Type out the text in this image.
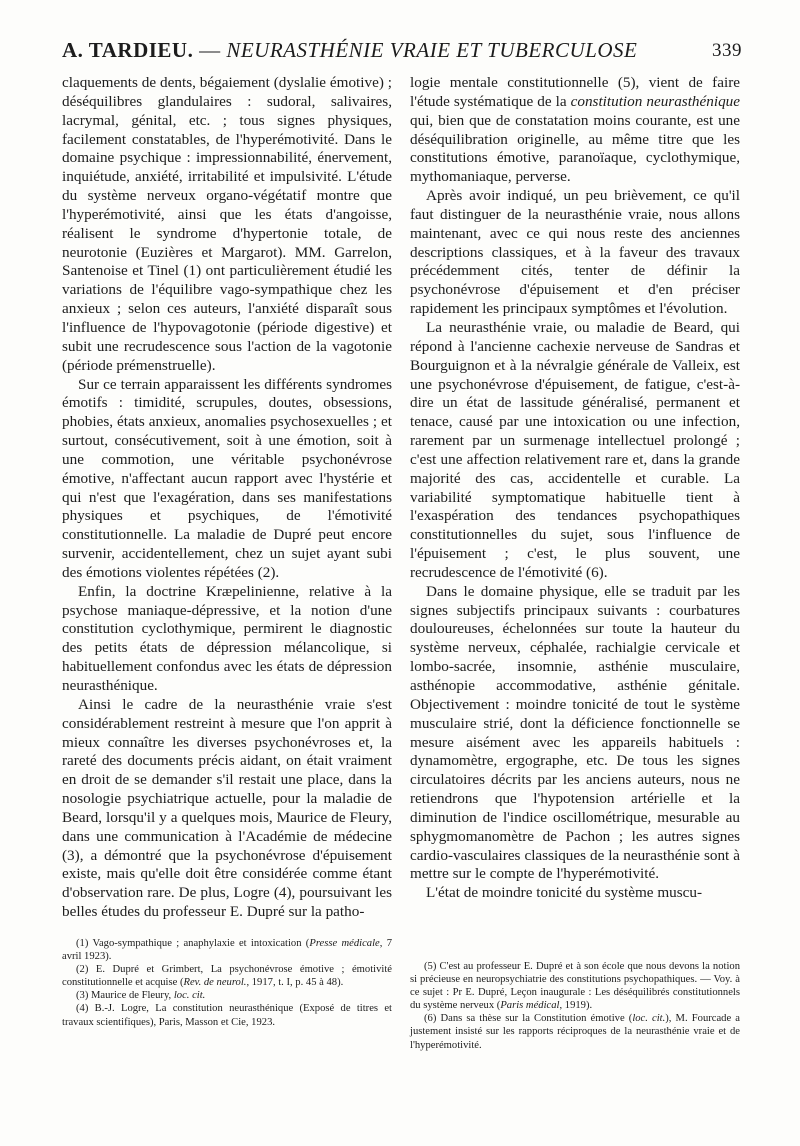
A. TARDIEU. — NEURASTHÉNIE VRAIE ET TUBERCULOSE	339

claquements de dents, bégaiement (dyslalie émotive) ; déséquilibres glandulaires : sudoral, salivaires, lacrymal, génital, etc. ; tous signes physiques, facilement constatables, de l'hyperémotivité. Dans le domaine psychique : impressionnabilité, énervement, inquiétude, anxiété, irritabilité et impulsivité. L'étude du système nerveux organo-végétatif montre que l'hyperémotivité, ainsi que les états d'angoisse, réalisent le syndrome d'hypertonie totale, de neurotonie (Euzières et Margarot). MM. Garrelon, Santenoise et Tinel (1) ont particulièrement étudié les variations de l'équilibre vago-sympathique chez les anxieux ; selon ces auteurs, l'anxiété disparaît sous l'influence de l'hypovagotonie (période digestive) et subit une recrudescence sous l'action de la vagotonie (période prémenstruelle).

Sur ce terrain apparaissent les différents syndromes émotifs : timidité, scrupules, doutes, obsessions, phobies, états anxieux, anomalies psychosexuelles ; et surtout, consécutivement, soit à une émotion, soit à une commotion, une véritable psychonévrose émotive, n'affectant aucun rapport avec l'hystérie et qui n'est que l'exagération, dans ses manifestations physiques et psychiques, de l'émotivité constitutionnelle. La maladie de Dupré peut encore survenir, accidentellement, chez un sujet ayant subi des émotions violentes répétées (2).

Enfin, la doctrine Kræpelinienne, relative à la psychose maniaque-dépressive, et la notion d'une constitution cyclothymique, permirent le diagnostic des petits états de dépression mélancolique, si habituellement confondus avec les états de dépression neurasthénique.

Ainsi le cadre de la neurasthénie vraie s'est considérablement restreint à mesure que l'on apprit à mieux connaître les diverses psychonévroses et, la rareté des documents précis aidant, on était vraiment en droit de se demander s'il restait une place, dans la nosologie psychiatrique actuelle, pour la maladie de Beard, lorsqu'il y a quelques mois, Maurice de Fleury, dans une communication à l'Académie de médecine (3), a démontré que la psychonévrose d'épuisement existe, mais qu'elle doit être considérée comme étant d'observation rare. De plus, Logre (4), poursuivant les belles études du professeur E. Dupré sur la patho-

logie mentale constitutionnelle (5), vient de faire l'étude systématique de la constitution neurasthénique qui, bien que de constatation moins courante, est une déséquilibration originelle, au même titre que les constitutions émotive, paranoïaque, cyclothymique, mythomaniaque, perverse.

Après avoir indiqué, un peu brièvement, ce qu'il faut distinguer de la neurasthénie vraie, nous allons maintenant, avec ce qui nous reste des anciennes descriptions classiques, et à la faveur des travaux précédemment cités, tenter de définir la psychonévrose d'épuisement et d'en préciser rapidement les principaux symptômes et l'évolution.

La neurasthénie vraie, ou maladie de Beard, qui répond à l'ancienne cachexie nerveuse de Sandras et Bourguignon et à la névralgie générale de Valleix, est une psychonévrose d'épuisement, de fatigue, c'est-à-dire un état de lassitude généralisé, permanent et tenace, causé par une intoxication ou une infection, rarement par un surmenage intellectuel prolongé ; c'est une affection relativement rare et, dans la grande majorité des cas, accidentelle et curable. La variabilité symptomatique habituelle tient à l'exaspération des tendances psychopathiques constitutionnelles du sujet, sous l'influence de l'épuisement ; c'est, le plus souvent, une recrudescence de l'émotivité (6).

Dans le domaine physique, elle se traduit par les signes subjectifs principaux suivants : courbatures douloureuses, échelonnées sur toute la hauteur du système nerveux, céphalée, rachialgie cervicale et lombo-sacrée, insomnie, asthénie musculaire, asthénopie accommodative, asthénie génitale. Objectivement : moindre tonicité de tout le système musculaire strié, dont la déficience fonctionnelle se mesure aisément avec les appareils habituels : dynamomètre, ergographe, etc. De tous les signes circulatoires décrits par les anciens auteurs, nous ne retiendrons que l'hypotension artérielle et la diminution de l'indice oscillométrique, mesurable au sphygmomanomètre de Pachon ; les autres signes cardio-vasculaires classiques de la neurasthénie sont à mettre sur le compte de l'hyperémotivité.

L'état de moindre tonicité du système muscu-

(1) Vago-sympathique ; anaphylaxie et intoxication (Presse médicale, 7 avril 1923).

(2) E. Dupré et Grimbert, La psychonévrose émotive ; émotivité constitutionnelle et acquise (Rev. de neurol., 1917, t. I, p. 45 à 48).

(3) Maurice de Fleury, loc. cit.

(4) B.-J. Logre, La constitution neurasthénique (Exposé de titres et travaux scientifiques), Paris, Masson et Cie, 1923.

(5) C'est au professeur E. Dupré et à son école que nous devons la notion si précieuse en neuropsychiatrie des constitutions psychopathiques. — Voy. à ce sujet : Pr E. Dupré, Leçon inaugurale : Les déséquilibrés constitutionnels du système nerveux (Paris médical, 1919).

(6) Dans sa thèse sur la Constitution émotive (loc. cit.), M. Fourcade a justement insisté sur les rapports réciproques de la neurasthénie vraie et de l'hyperémotivité.
